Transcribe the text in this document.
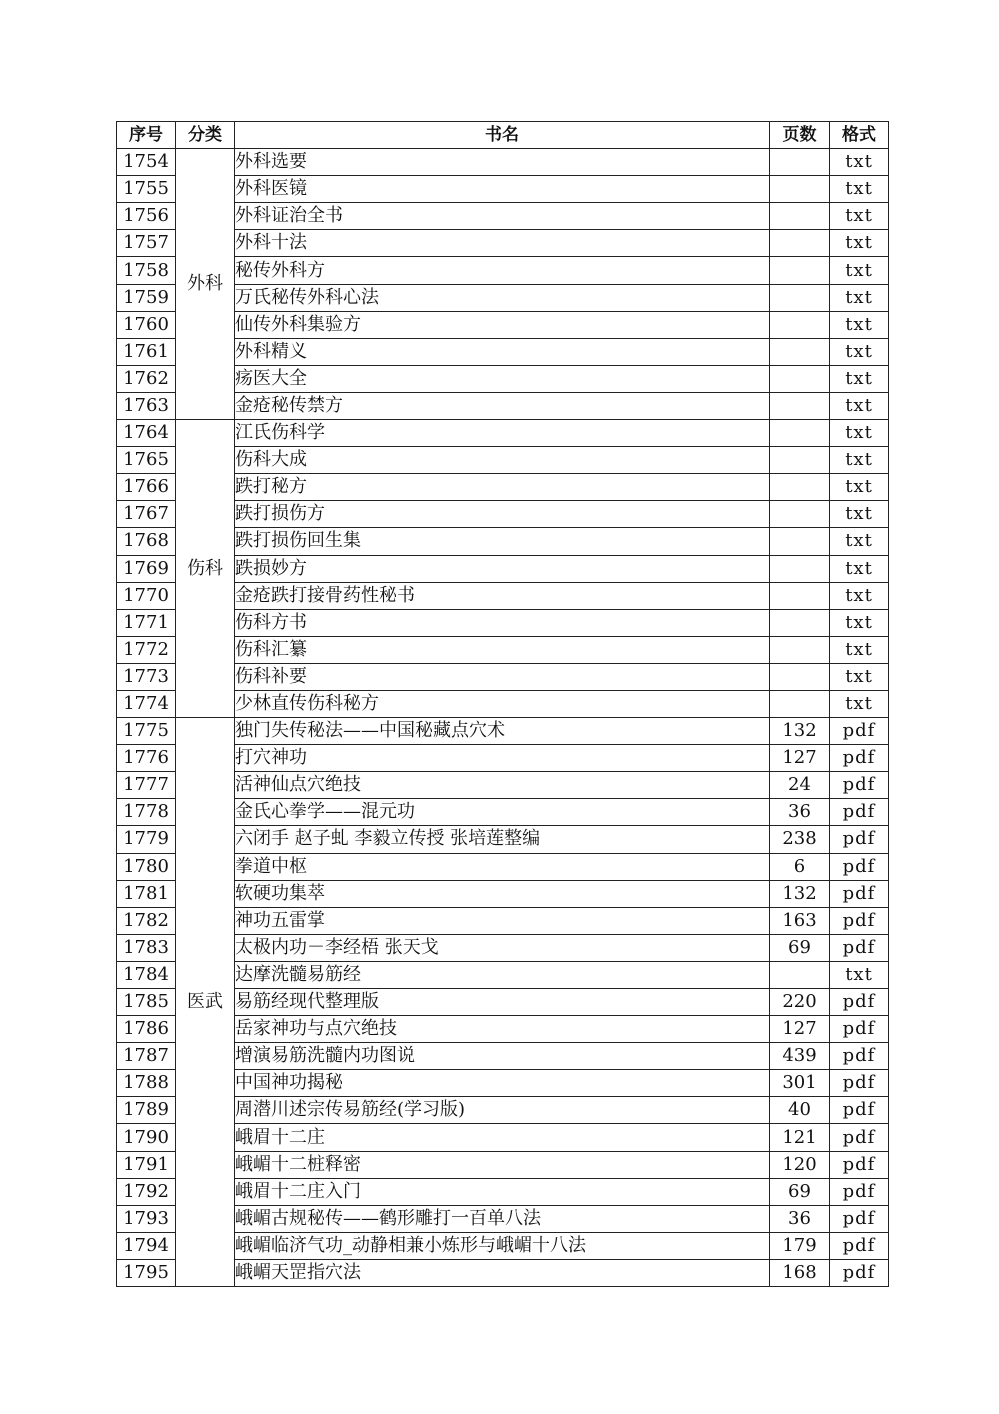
序号	分类	书名	页数	格式
1754	外科	外科选要		txt
1755		外科医镜		txt
1756		外科证治全书		txt
1757		外科十法		txt
1758		秘传外科方		txt
1759		万氏秘传外科心法		txt
1760		仙传外科集验方		txt
1761		外科精义		txt
1762		疡医大全		txt
1763		金疮秘传禁方		txt
1764	伤科	江氏伤科学		txt
1765		伤科大成		txt
1766		跌打秘方		txt
1767		跌打损伤方		txt
1768		跌打损伤回生集		txt
1769		跌损妙方		txt
1770		金疮跌打接骨药性秘书		txt
1771		伤科方书		txt
1772		伤科汇纂		txt
1773		伤科补要		txt
1774		少林直传伤科秘方		txt
1775	医武	独门失传秘法——中国秘藏点穴术	132	pdf
1776		打穴神功	127	pdf
1777		活神仙点穴绝技	24	pdf
1778		金氏心拳学——混元功	36	pdf
1779		六闭手 赵子虬 李毅立传授 张培莲整编	238	pdf
1780		拳道中枢	6	pdf
1781		软硬功集萃	132	pdf
1782		神功五雷掌	163	pdf
1783		太极内功－李经梧 张天戈	69	pdf
1784		达摩洗髓易筋经		txt
1785		易筋经现代整理版	220	pdf
1786		岳家神功与点穴绝技	127	pdf
1787		增演易筋洗髓内功图说	439	pdf
1788		中国神功揭秘	301	pdf
1789		周潜川述宗传易筋经(学习版)	40	pdf
1790		峨眉十二庄	121	pdf
1791		峨嵋十二桩释密	120	pdf
1792		峨眉十二庄入门	69	pdf
1793		峨嵋古规秘传——鹤形雕打一百单八法	36	pdf
1794		峨嵋临济气功_动静相兼小炼形与峨嵋十八法	179	pdf
1795		峨嵋天罡指穴法	168	pdf
